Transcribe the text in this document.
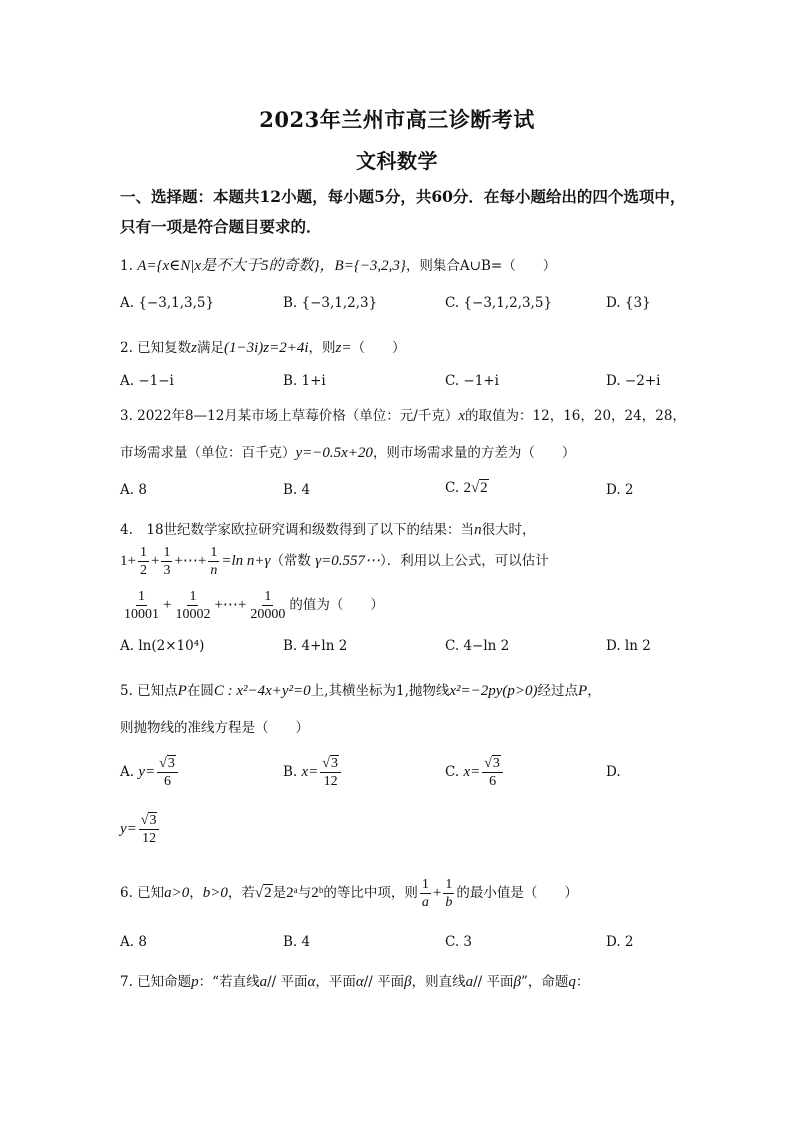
2023年兰州市高三诊断考试
文科数学
一、选择题：本题共12小题，每小题5分，共60分．在每小题给出的四个选项中，只有一项是符合题目要求的．
1. A={x∈N|x是不大于5的奇数}，B={−3,2,3}，则集合A∪B=（　　）
A. {−3,1,3,5}	B. {−3,1,2,3}	C. {−3,1,2,3,5}	D. {3}
2. 已知复数z满足(1−3i)z=2+4i，则z=（　　）
A. −1−i	B. 1+i	C. −1+i	D. −2+i
3. 2022年8—12月某市场上草莓价格（单位：元/千克）x的取值为：12，16，20，24，28，
市场需求量（单位：百千克）y=−0.5x+20，则市场需求量的方差为（　　）
A. 8	B. 4	C. 2√2	D. 2
4.　18世纪数学家欧拉研究调和级数得到了以下的结果：当n很大时，
$1+ \frac{1}{2} + \frac{1}{3}$ +⋯+ $\frac{1}{n} =\ln$ n+γ（常数 γ=0.557⋯）．利用以上公式，可以估计
$\frac{1}{10001} + \frac{1}{10002}$ +⋯+ $\frac{1}{20000}$ 的值为（　　）
A. ln(2×10⁴)	B. 4+ln 2	C. 4−ln 2	D. ln 2
5. 已知点P在圆C : x²−4x+y²=0上,其横坐标为1,抛物线x²=−2py(p>0)经过点P，
则抛物线的准线方程是（　　）
A. $y= \frac{√3}{6}$	B. $x= \frac{√3}{12}$	C. $x= \frac{√3}{6}$	D.
$y= \frac{√3}{12}$
6. 已知a>0，b>0，若√2是2ᵃ与2ᵇ的等比中项，则 $\frac{1}{a} + \frac{1}{b}$ 的最小值是（　　）
A. 8	B. 4	C. 3	D. 2
7. 已知命题p：“若直线a// 平面α，平面α// 平面β，则直线a// 平面β”，命题q：
